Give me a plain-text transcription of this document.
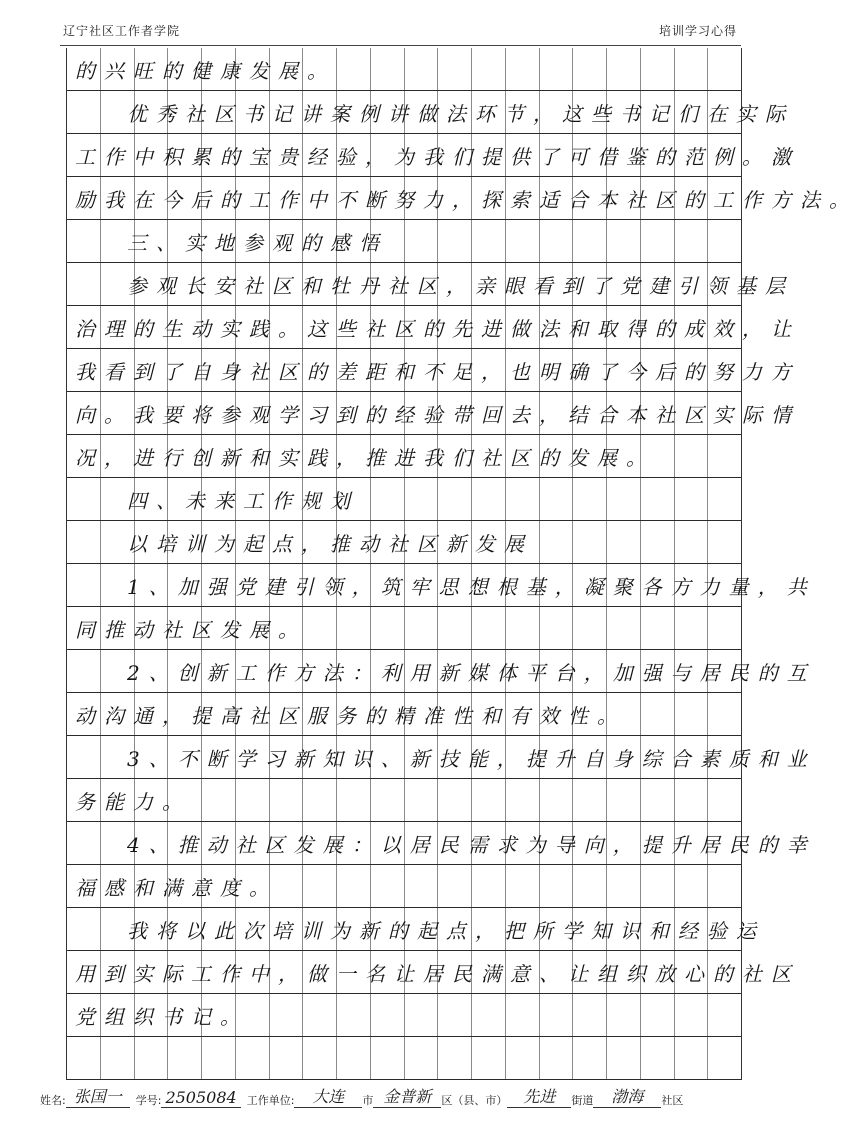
辽宁社区工作者学院	培训学习心得
的兴旺的健康发展。
优秀社区书记讲案例讲做法环节，这些书记们在实际
工作中积累的宝贵经验，为我们提供了可借鉴的范例。激
励我在今后的工作中不断努力，探索适合本社区的工作方法。
三、实地参观的感悟
参观长安社区和牡丹社区，亲眼看到了党建引领基层
治理的生动实践。这些社区的先进做法和取得的成效，让
我看到了自身社区的差距和不足，也明确了今后的努力方
向。我要将参观学习到的经验带回去，结合本社区实际情
况，进行创新和实践，推进我们社区的发展。
四、未来工作规划
以培训为起点，推动社区新发展
1、加强党建引领，筑牢思想根基，凝聚各方力量，共
同推动社区发展。
2、创新工作方法：利用新媒体平台，加强与居民的互
动沟通，提高社区服务的精准性和有效性。
3、不断学习新知识、新技能，提升自身综合素质和业
务能力。
4、推动社区发展：以居民需求为导向，提升居民的幸
福感和满意度。
我将以此次培训为新的起点，把所学知识和经验运
用到实际工作中，做一名让居民满意、让组织放心的社区
党组织书记。
姓名: 张国一	学号: 2505084 工作单位:	大连	市 金普新 区（县、市） 先进	街道	渤海	社区
